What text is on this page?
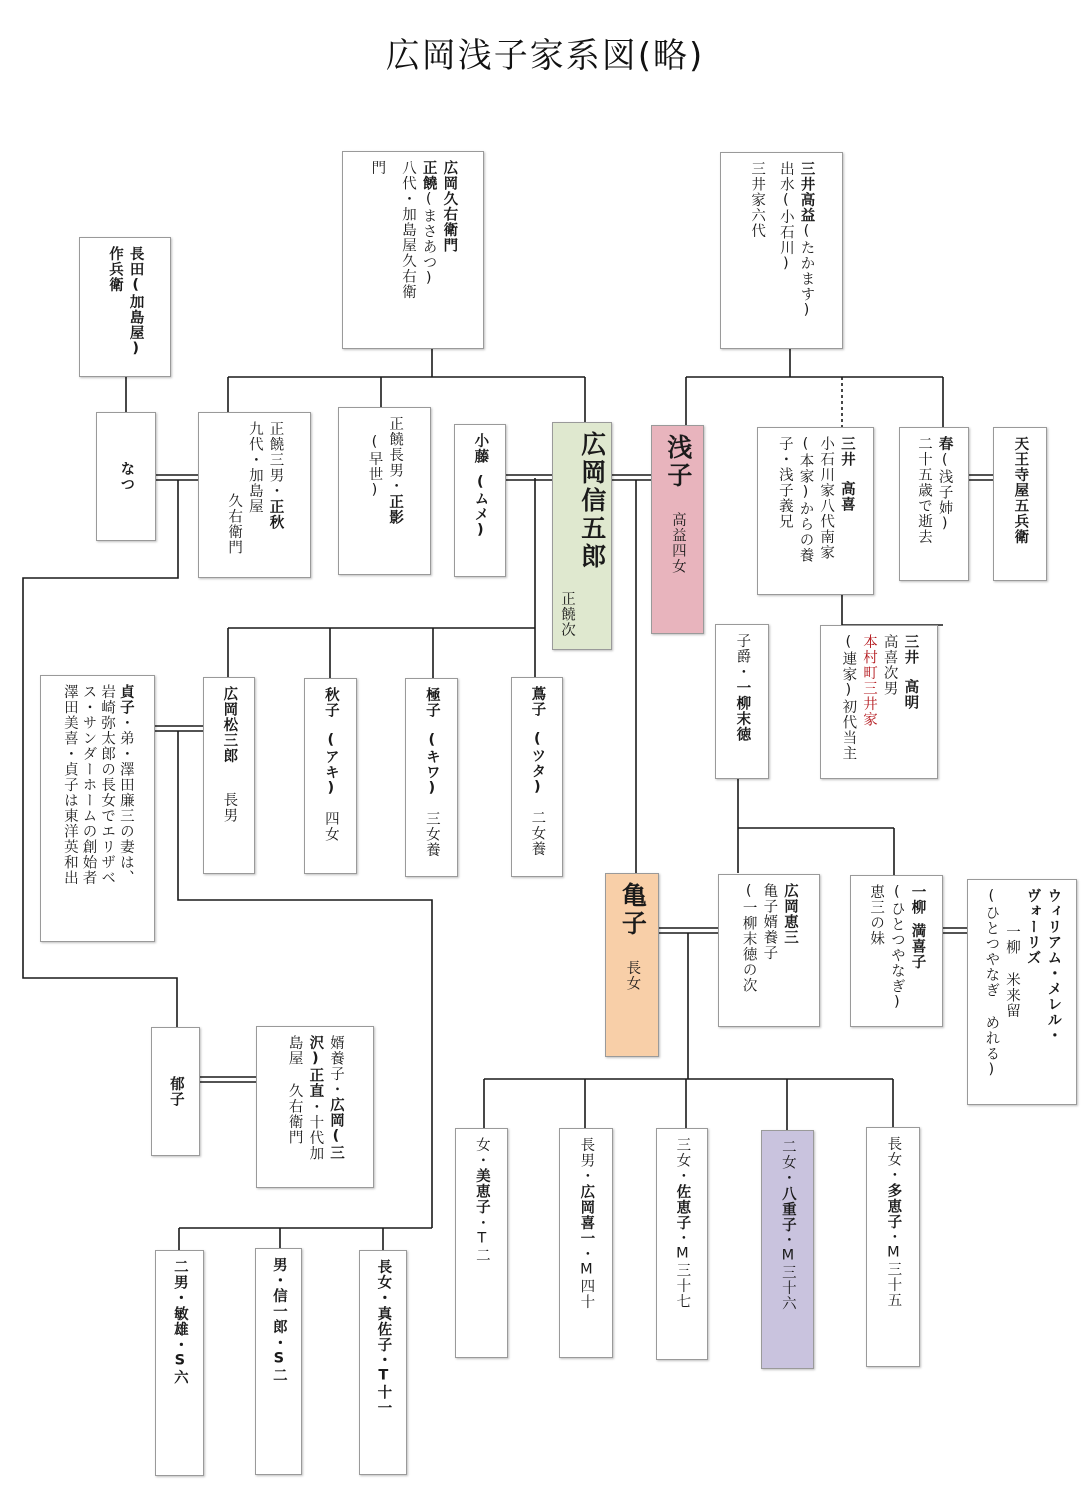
広岡浅子家系図(略)
長田(加島屋)
作兵衛
広岡久右衛門
正饒
(まさあつ)
八代・加島屋久右衛
門	三井高益
(たかます)
出水(小石川)
三井家六代
なつ	正饒三男・
正秋
九代・加島屋
久右衛門
正饒長男・
正影
(早世)	小藤
(ムメ)	広岡信五郎
正饒次
浅子
高益四女
三井
高喜
小石川家八代南家
(本家)からの養
子・浅子義兄	春
(浅子姉)
二十五歳で逝去	天王寺屋五兵衛
三井
高明
高喜次男
本村町三井家
(連家)初代当主
子爵・
一柳末徳
貞子
・弟・澤田廉三の妻は、
岩崎弥太郎の長女でエリザベ
ス・サンダーホームの創始者
澤田美喜・貞子は東洋英和出	広岡松三郎
長男
秋子
(アキ)
四女
極子
(キワ)
三女養
蔦子
(ツタ)
二女養
亀子
長女
広岡恵三
亀子婿養子
(一柳末徳の次	一柳
満喜子
(ひとつやなぎ)
恵三の妹	ウィリアム・メレル・
ヴォーリズ
一柳 米来留
(ひとつやなぎ めれる)
郁子	婿養子・
広岡(三
沢)正直
・十代加
島屋 久右衛門
女・
美恵子
・T二
長男・
広岡喜一
・M四十
三女・
佐恵子
・M三十七
二女・
八重子
・M三十六
長女・
多恵子
・M三十五
二男・
敏雄
・S六
男・
信一郎
・S二
長女・
真佐子
・T十一
